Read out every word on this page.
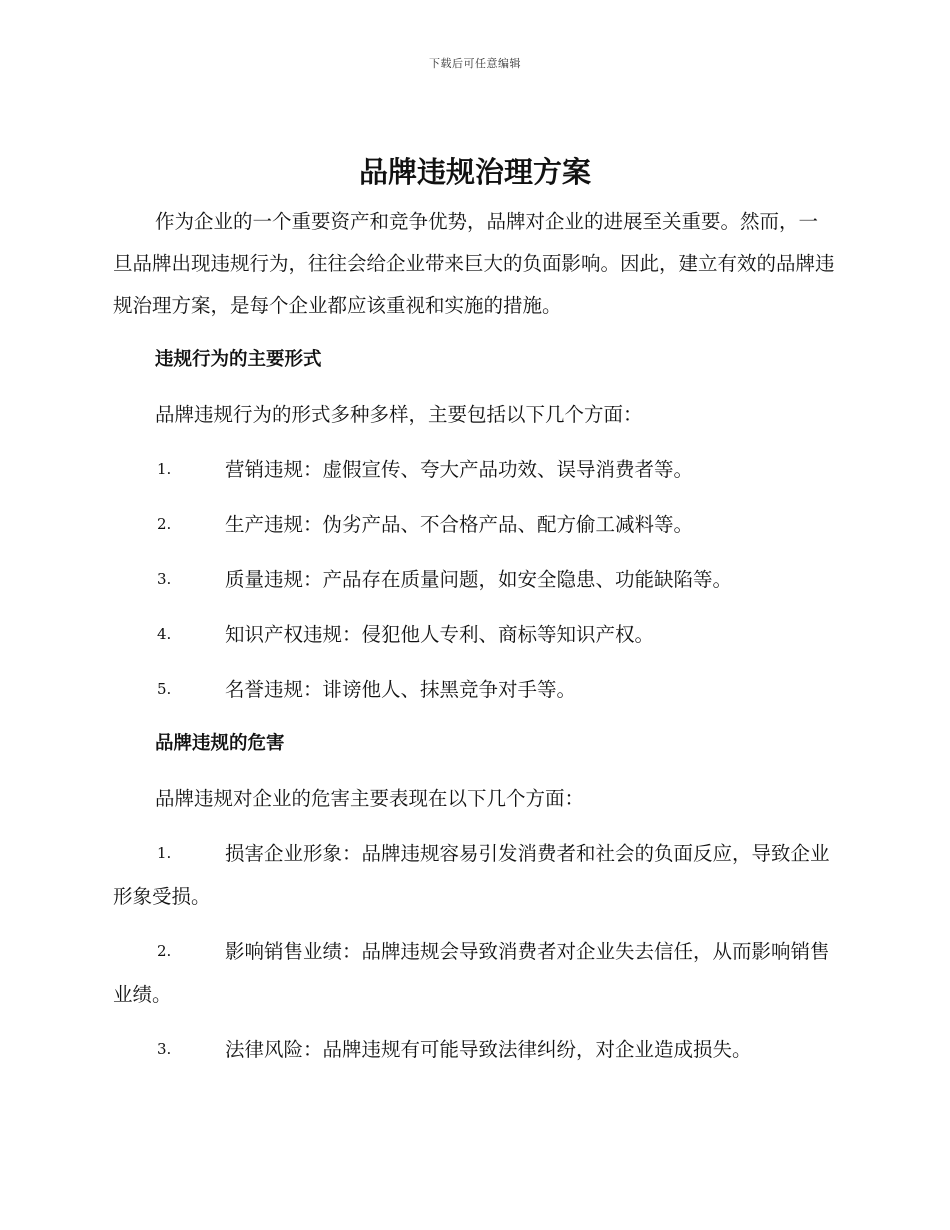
下载后可任意编辑
品牌违规治理方案

作为企业的一个重要资产和竞争优势，品牌对企业的进展至关重要。然而，一旦品牌出现违规行为，往往会给企业带来巨大的负面影响。因此，建立有效的品牌违规治理方案，是每个企业都应该重视和实施的措施。

违规行为的主要形式

品牌违规行为的形式多种多样，主要包括以下几个方面：

1.	营销违规：虚假宣传、夸大产品功效、误导消费者等。
2.	生产违规：伪劣产品、不合格产品、配方偷工减料等。
3.	质量违规：产品存在质量问题，如安全隐患、功能缺陷等。
4.	知识产权违规：侵犯他人专利、商标等知识产权。
5.	名誉违规：诽谤他人、抹黑竞争对手等。
品牌违规的危害

品牌违规对企业的危害主要表现在以下几个方面：

1.	损害企业形象：品牌违规容易引发消费者和社会的负面反应，导致企业形象受损。
2.	影响销售业绩：品牌违规会导致消费者对企业失去信任，从而影响销售业绩。
3.	法律风险：品牌违规有可能导致法律纠纷，对企业造成损失。
